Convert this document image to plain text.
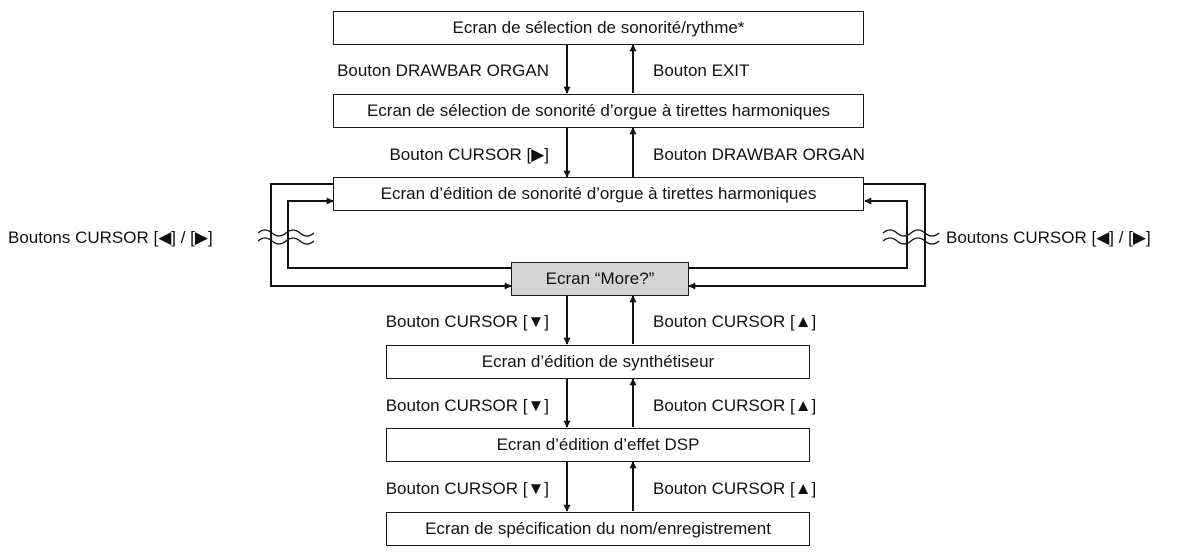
Ecran de sélection de sonorité/rythme*
Ecran de sélection de sonorité d’orgue à tirettes harmoniques
Ecran d’édition de sonorité d’orgue à tirettes harmoniques
Ecran “More?”
Ecran d’édition de synthétiseur
Ecran d’édition d’effet DSP
Ecran de spécification du nom/enregistrement
Bouton DRAWBAR ORGAN	Bouton EXIT
Bouton CURSOR [▶]	Bouton DRAWBAR ORGAN
Boutons CURSOR [◀] / [▶]	Boutons CURSOR [◀] / [▶]
Bouton CURSOR [▼]	Bouton CURSOR [▲]
Bouton CURSOR [▼]	Bouton CURSOR [▲]
Bouton CURSOR [▼]	Bouton CURSOR [▲]
